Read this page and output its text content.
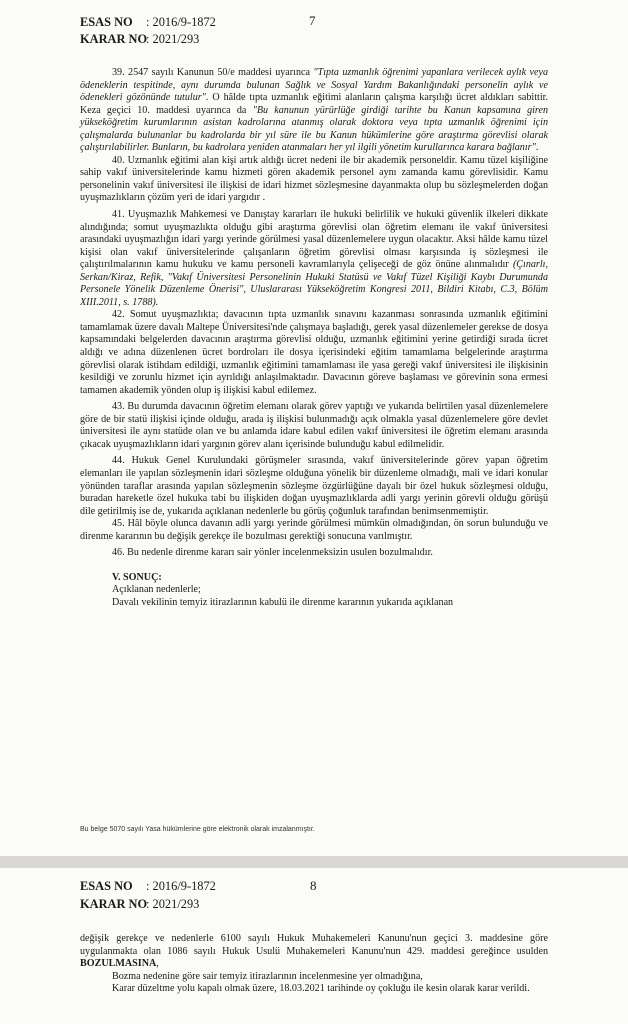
ESAS NO : 2016/9-1872
KARAR NO: 2021/293
7

39. 2547 sayılı Kanunun 50/e maddesi uyarınca "Tıpta uzmanlık öğrenimi yapanlara verilecek aylık veya ödeneklerin tespitinde, aynı durumda bulunan Sağlık ve Sosyal Yardım Bakanlığındaki personelin aylık ve ödenekleri gözönünde tutulur". O hâlde tıpta uzmanlık eğitimi alanların çalışma karşılığı ücret aldıkları sabittir. Keza geçici 10. maddesi uyarınca da "Bu kanunun yürürlüğe girdiği tarihte bu Kanun kapsamına giren yükseköğretim kurumlarının asistan kadrolarına atanmış olarak doktora veya tıpta uzmanlık öğrenimi için çalışmalarda bulunanlar bu kadrolarda bir yıl süre ile bu Kanun hükümlerine göre araştırma görevlisi olarak çalıştırılabilirler. Bunların, bu kadrolara yeniden atanmaları her yıl ilgili yönetim kurullarınca karara bağlanır".

40. Uzmanlık eğitimi alan kişi artık aldığı ücret nedeni ile bir akademik personeldir. Kamu tüzel kişiliğine sahip vakıf üniversitelerinde kamu hizmeti gören akademik personel aynı zamanda kamu görevlisidir. Kamu personelinin vakıf üniversitesi ile ilişkisi de idari hizmet sözleşmesine dayanmakta olup bu sözleşmelerden doğan uyuşmazlıkların çözüm yeri de idari yargıdır .

41. Uyuşmazlık Mahkemesi ve Danıştay kararları ile hukuki belirlilik ve hukuki güvenlik ilkeleri dikkate alındığında; somut uyuşmazlıkta olduğu gibi araştırma görevlisi olan öğretim elemanı ile vakıf üniversitesi arasındaki uyuşmazlığın idari yargı yerinde görülmesi yasal düzenlemelere uygun olacaktır. Aksi hâlde kamu tüzel kişisi olan vakıf üniversitelerinde çalışanların öğretim görevlisi olması karşısında iş sözleşmesi ile çalıştırılmalarının kamu hukuku ve kamu personeli kavramlarıyla çelişeceği de göz önüne alınmalıdır (Çınarlı, Serkan/Kiraz, Refik, "Vakıf Üniversitesi Personelinin Hukuki Statüsü ve Vakıf Tüzel Kişiliği Kaybı Durumunda Personele Yönelik Düzenleme Önerisi", Uluslararası Yükseköğretim Kongresi 2011, Bildiri Kitabı, C.3, Bölüm XIII.2011, s. 1788).

42. Somut uyuşmazlıkta; davacının tıpta uzmanlık sınavını kazanması sonrasında uzmanlık eğitimini tamamlamak üzere davalı Maltepe Üniversitesi'nde çalışmaya başladığı, gerek yasal düzenlemeler gerekse de dosya kapsamındaki belgelerden davacının araştırma görevlisi olduğu, uzmanlık eğitimini yerine getirdiği sırada ücret aldığı ve adına düzenlenen ücret bordroları ile dosya içerisindeki eğitim tamamlama belgelerinde araştırma görevlisi olarak istihdam edildiği, uzmanlık eğitimini tamamlaması ile yasa gereği vakıf üniversitesi ile ilişkisinin kesildiği ve zorunlu hizmet için ayrıldığı anlaşılmaktadır. Davacının göreve başlaması ve görevinin sona ermesi tamamen akademik yönden olup iş ilişkisi kabul edilemez.

43. Bu durumda davacının öğretim elemanı olarak görev yaptığı ve yukarıda belirtilen yasal düzenlemelere göre de bir statü ilişkisi içinde olduğu, arada iş ilişkisi bulunmadığı açık olmakla yasal düzenlemelere göre devlet üniversitesi ile aynı statüde olan ve bu anlamda idare kabul edilen vakıf üniversitesi ile öğretim elemanı arasında çıkacak uyuşmazlıkların idari yargının görev alanı içerisinde bulunduğu kabul edilmelidir.

44. Hukuk Genel Kurulundaki görüşmeler sırasında, vakıf üniversitelerinde görev yapan öğretim elemanları ile yapılan sözleşmenin idari sözleşme olduğuna yönelik bir düzenleme olmadığı, mali ve idari konular yönünden taraflar arasında yapılan sözleşmenin sözleşme özgürlüğüne dayalı bir özel hukuk sözleşmesi olduğu, buradan hareketle özel hukuka tabi bu ilişkiden doğan uyuşmazlıklarda adli yargı yerinin görevli olduğu görüşü dile getirilmiş ise de, yukarıda açıklanan nedenlerle bu görüş çoğunluk tarafından benimsenmemiştir.

45. Hâl böyle olunca davanın adli yargı yerinde görülmesi mümkün olmadığından, ön sorun bulunduğu ve direnme kararının bu değişik gerekçe ile bozulması gerektiği sonucuna varılmıştır.

46. Bu nedenle direnme kararı sair yönler incelenmeksizin usulen bozulmalıdır.

V. SONUÇ:

Açıklanan nedenlerle;

Davalı vekilinin temyiz itirazlarının kabulü ile direnme kararının yukarıda açıklanan

Bu belge 5070 sayılı Yasa hükümlerine göre elektronik olarak imzalanmıştır.
ESAS NO : 2016/9-1872
KARAR NO: 2021/293
8

değişik gerekçe ve nedenlerle 6100 sayılı Hukuk Muhakemeleri Kanunu'nun geçici 3. maddesine göre uygulanmakta olan 1086 sayılı Hukuk Usulü Muhakemeleri Kanunu'nun 429. maddesi gereğince usulden BOZULMASINA,

Bozma nedenine göre sair temyiz itirazlarının incelenmesine yer olmadığına,

Karar düzeltme yolu kapalı olmak üzere, 18.03.2021 tarihinde oy çokluğu ile kesin olarak karar verildi.
